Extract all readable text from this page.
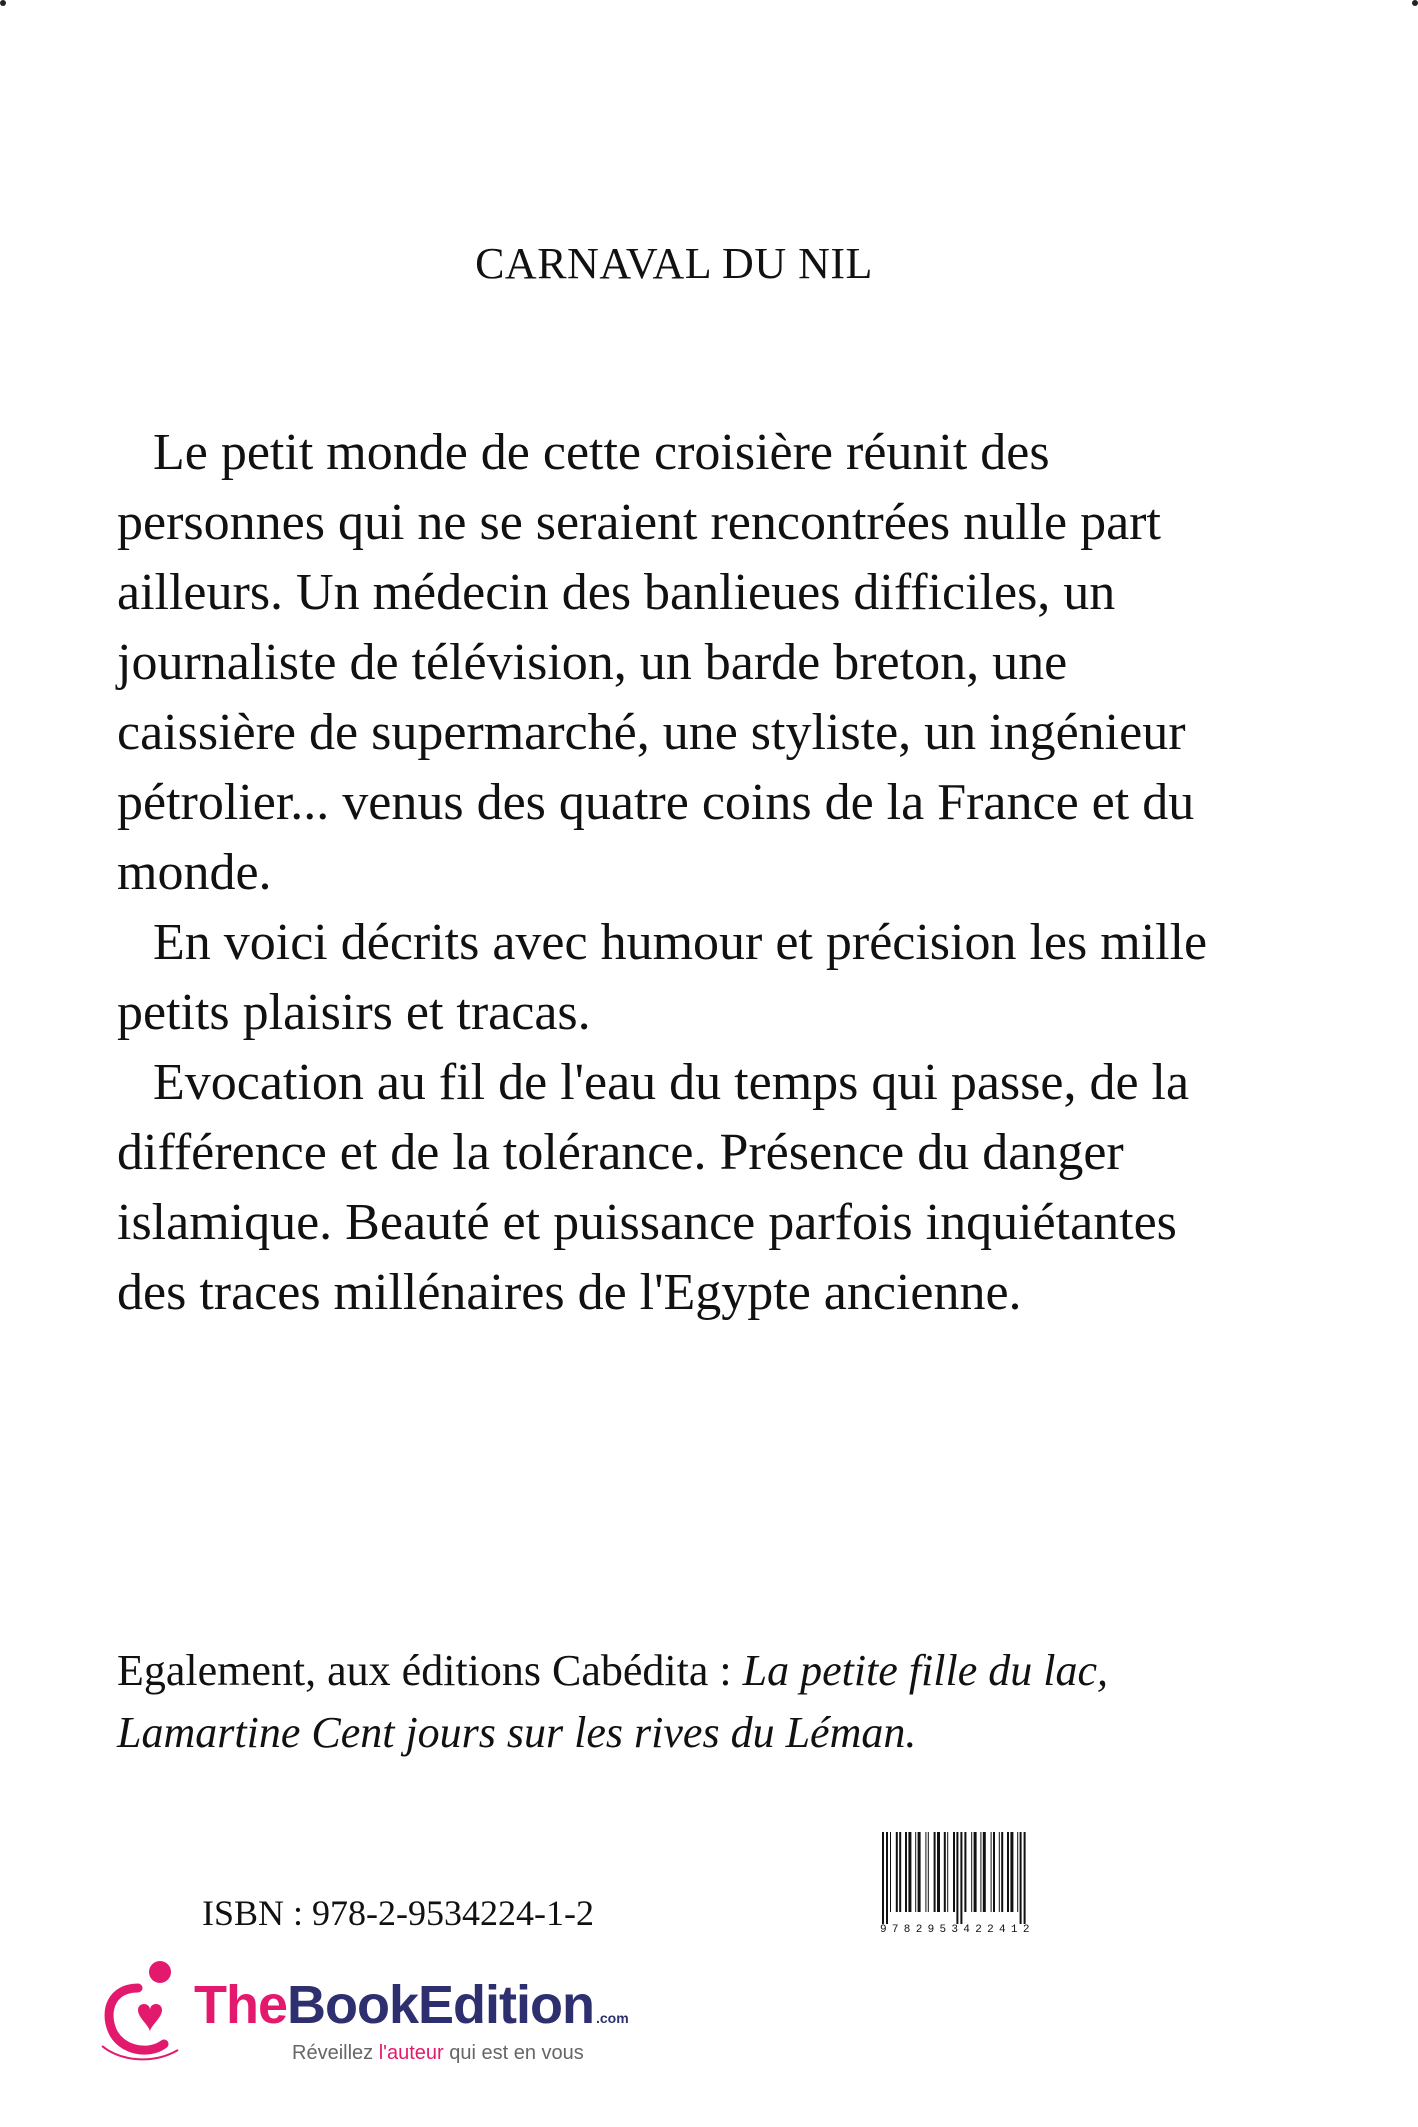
CARNAVAL DU NIL

Le petit monde de cette croisière réunit des personnes qui ne se seraient rencontrées nulle part ailleurs. Un médecin des banlieues difficiles, un journaliste de télévision, un barde breton, une caissière de supermarché, une styliste, un ingénieur pétrolier... venus des quatre coins de la France et du monde.

En voici décrits avec humour et précision les mille petits plaisirs et tracas.

Evocation au fil de l'eau du temps qui passe, de la différence et de la tolérance. Présence du danger islamique. Beauté et puissance parfois inquiétantes des traces millénaires de l'Egypte ancienne.

Egalement, aux éditions Cabédita : La petite fille du lac, Lamartine Cent jours sur les rives du Léman.
ISBN : 978-2-9534224-1-2	9782953422412
TheBookEdition .com
Réveillez l'auteur qui est en vous
